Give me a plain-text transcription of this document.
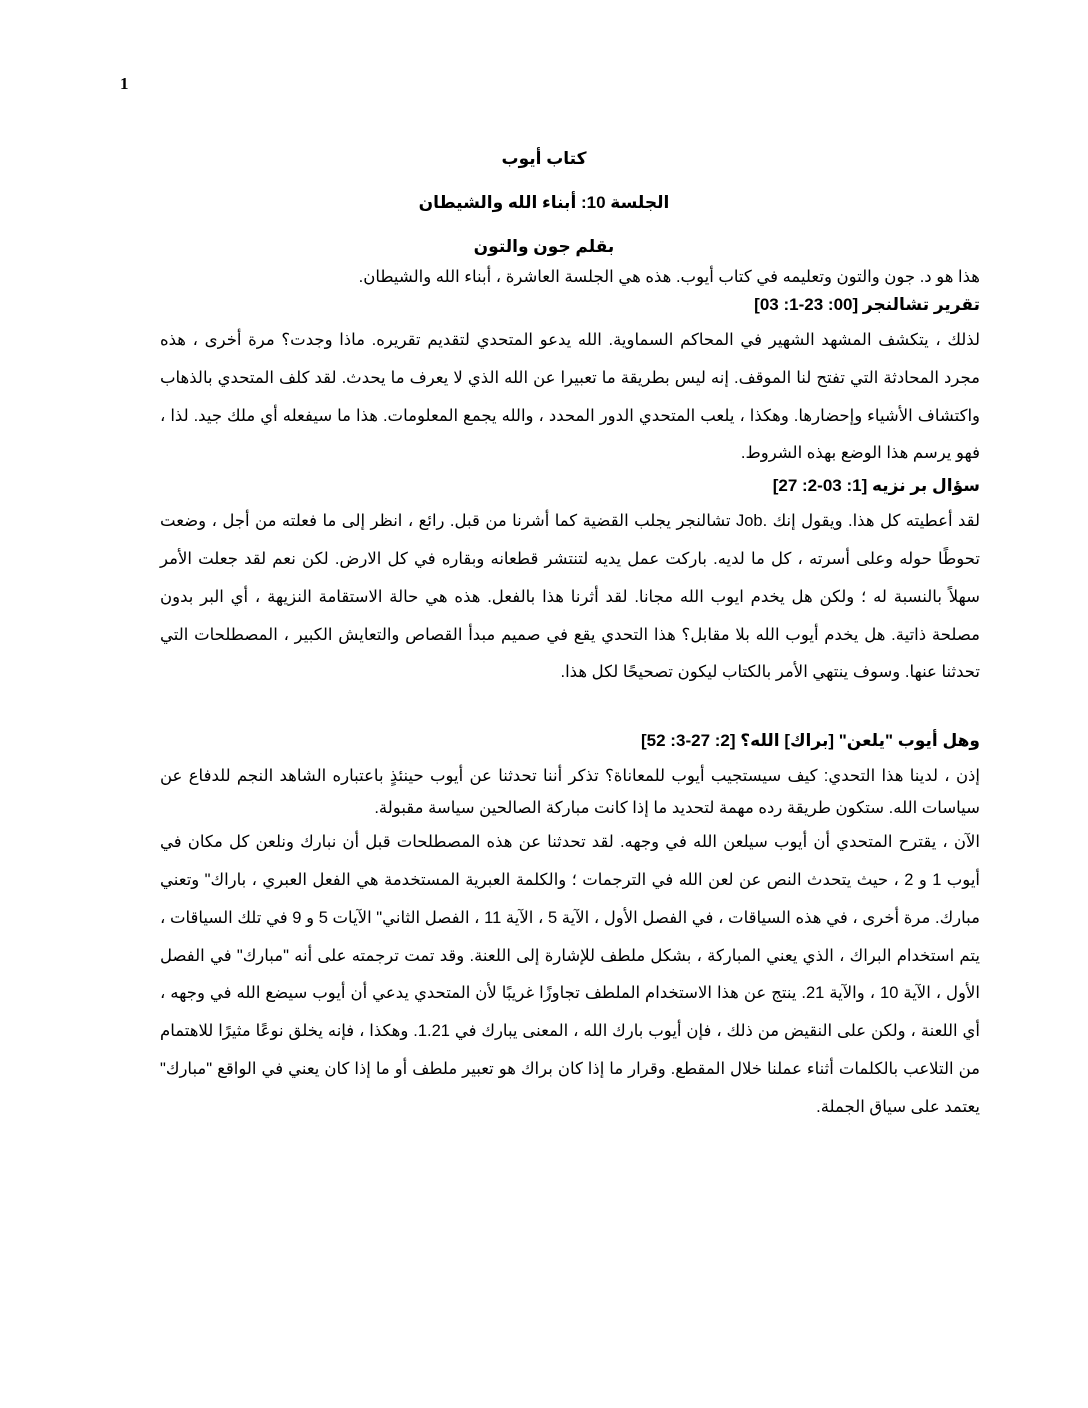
1
كتاب أيوب
الجلسة 10: أبناء الله والشيطان
بقلم جون والتون
هذا هو د. جون والتون وتعليمه في كتاب أيوب. هذه هي الجلسة العاشرة ، أبناء الله والشيطان.
تقرير تشالنجر [00: 23-1: 03]
لذلك ، يتكشف المشهد الشهير في المحاكم السماوية. الله يدعو المتحدي لتقديم تقريره. ماذا وجدت؟ مرة أخرى ، هذه مجرد المحادثة التي تفتح لنا الموقف. إنه ليس بطريقة ما تعبيرا عن الله الذي لا يعرف ما يحدث. لقد كلف المتحدي بالذهاب واكتشاف الأشياء وإحضارها. وهكذا ، يلعب المتحدي الدور المحدد ، والله يجمع المعلومات. هذا ما سيفعله أي ملك جيد. لذا ، فهو يرسم هذا الوضع بهذه الشروط.
سؤال بر نزيه [1: 03-2: 27]
لقد أعطيته كل هذا. ويقول إنك .Job تشالنجر يجلب القضية كما أشرنا من قبل. رائع ، انظر إلى ما فعلته من أجل ، وضعت تحوطًا حوله وعلى أسرته ، كل ما لديه. باركت عمل يديه لتنتشر قطعانه وبقاره في كل الارض. لكن نعم لقد جعلت الأمر سهلاً بالنسبة له ؛ ولكن هل يخدم ايوب الله مجانا. لقد أثرنا هذا بالفعل. هذه هي حالة الاستقامة النزيهة ، أي البر بدون مصلحة ذاتية. هل يخدم أيوب الله بلا مقابل؟ هذا التحدي يقع في صميم مبدأ القصاص والتعايش الكبير ، المصطلحات التي تحدثنا عنها. وسوف ينتهي الأمر بالكتاب ليكون تصحيحًا لكل هذا.
وهل أيوب "يلعن" [براك] الله؟ [2: 27-3: 52]
إذن ، لدينا هذا التحدي: كيف سيستجيب أيوب للمعاناة؟ تذكر أننا تحدثنا عن أيوب حينئذٍ باعتباره الشاهد النجم للدفاع عن سياسات الله. ستكون طريقة رده مهمة لتحديد ما إذا كانت مباركة الصالحين سياسة مقبولة.
الآن ، يقترح المتحدي أن أيوب سيلعن الله في وجهه. لقد تحدثنا عن هذه المصطلحات قبل أن نبارك ونلعن كل مكان في أيوب 1 و 2 ، حيث يتحدث النص عن لعن الله في الترجمات ؛ والكلمة العبرية المستخدمة هي الفعل العبري ، باراك" وتعني مبارك. مرة أخرى ، في هذه السياقات ، في الفصل الأول ، الآية 5 ، الآية 11 ، الفصل الثاني" الآيات 5 و 9 في تلك السياقات ، يتم استخدام البراك ، الذي يعني المباركة ، بشكل ملطف للإشارة إلى اللعنة. وقد تمت ترجمته على أنه "مبارك" في الفصل الأول ، الآية 10 ، والآية 21. ينتج عن هذا الاستخدام الملطف تجاوزًا غريبًا لأن المتحدي يدعي أن أيوب سيضع الله في وجهه ، أي اللعنة ، ولكن على النقيض من ذلك ، فإن أيوب بارك الله ، المعنى يبارك في 1.21. وهكذا ، فإنه يخلق نوعًا مثيرًا للاهتمام من التلاعب بالكلمات أثناء عملنا خلال المقطع. وقرار ما إذا كان براك هو تعبير ملطف أو ما إذا كان يعني في الواقع "مبارك" يعتمد على سياق الجملة.
